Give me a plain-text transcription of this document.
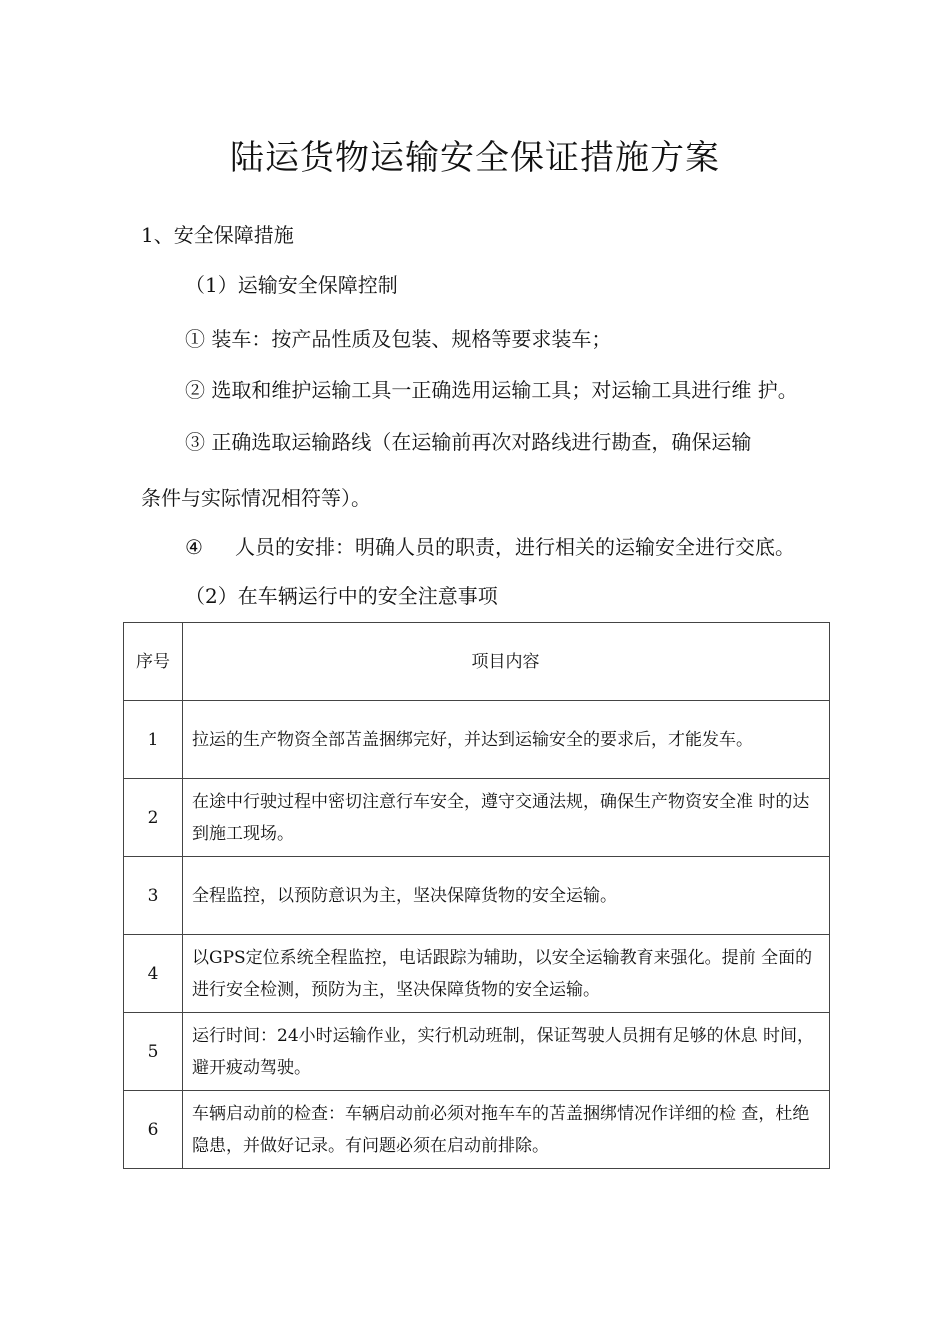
陆运货物运输安全保证措施方案
1、安全保障措施
（1）运输安全保障控制
① 装车：按产品性质及包装、规格等要求装车；
② 选取和维护运输工具一正确选用运输工具；对运输工具进行维 护。
③ 正确选取运输路线（在运输前再次对路线进行勘查，确保运输
条件与实际情况相符等）。
④ 人员的安排：明确人员的职责，进行相关的运输安全进行交底。
（2）在车辆运行中的安全注意事项
序号	项目内容
1	拉运的生产物资全部苫盖捆绑完好，并达到运输安全的要求后，才能发车。
2	在途中行驶过程中密切注意行车安全，遵守交通法规，确保生产物资安全准 时的达到施工现场。
3	全程监控，以预防意识为主，坚决保障货物的安全运输。
4	以GPS定位系统全程监控，电话跟踪为辅助，以安全运输教育来强化。提前 全面的进行安全检测，预防为主，坚决保障货物的安全运输。
5	运行时间：24小时运输作业，实行机动班制，保证驾驶人员拥有足够的休息 时间，避开疲动驾驶。
6	车辆启动前的检查：车辆启动前必须对拖车车的苫盖捆绑情况作详细的检 查，杜绝隐患，并做好记录。有问题必须在启动前排除。
